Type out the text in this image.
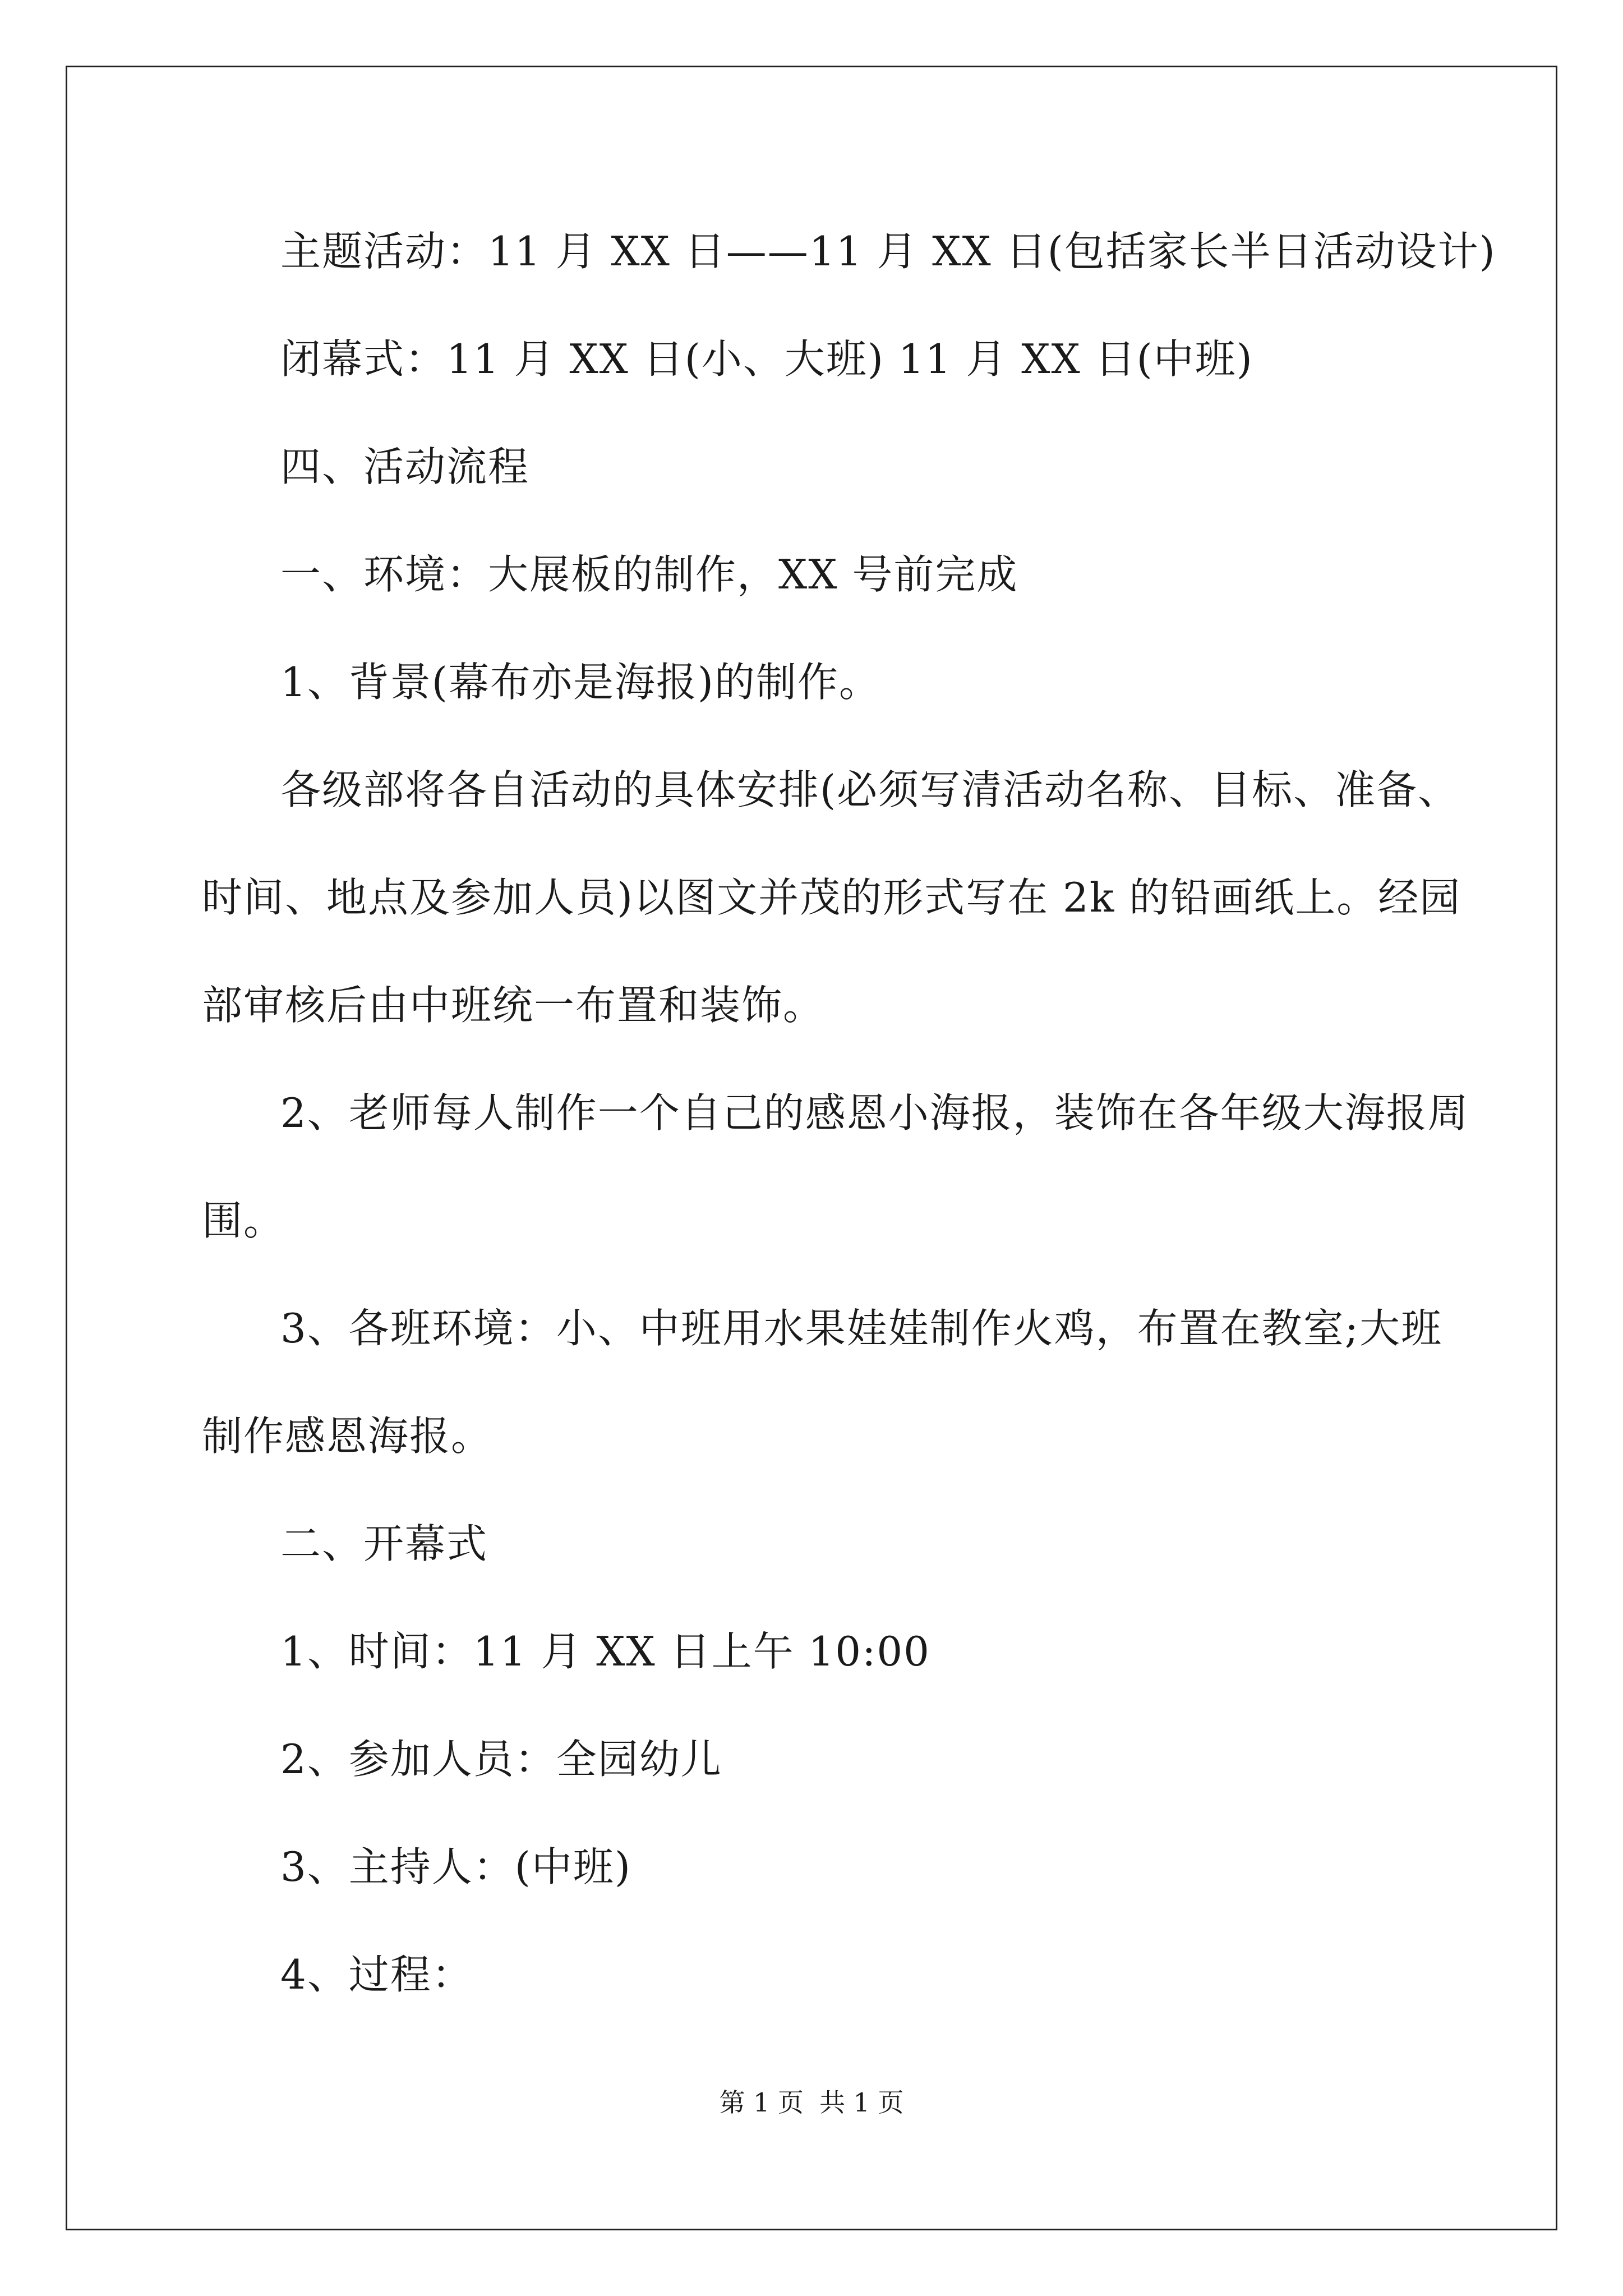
主题活动：11 月 XX 日——11 月 XX 日(包括家长半日活动设计)
闭幕式：11 月 XX 日(小、大班) 11 月 XX 日(中班)
四、活动流程
一、环境：大展板的制作，XX 号前完成
1、背景(幕布亦是海报)的制作。
各级部将各自活动的具体安排(必须写清活动名称、目标、准备、
时间、地点及参加人员)以图文并茂的形式写在 2k 的铅画纸上。经园
部审核后由中班统一布置和装饰。
2、老师每人制作一个自己的感恩小海报，装饰在各年级大海报周
围。
3、各班环境：小、中班用水果娃娃制作火鸡，布置在教室;大班
制作感恩海报。
二、开幕式
1、时间：11 月 XX 日上午 10:00
2、参加人员：全园幼儿
3、主持人：(中班)
4、过程：
第 1 页 共 1 页
